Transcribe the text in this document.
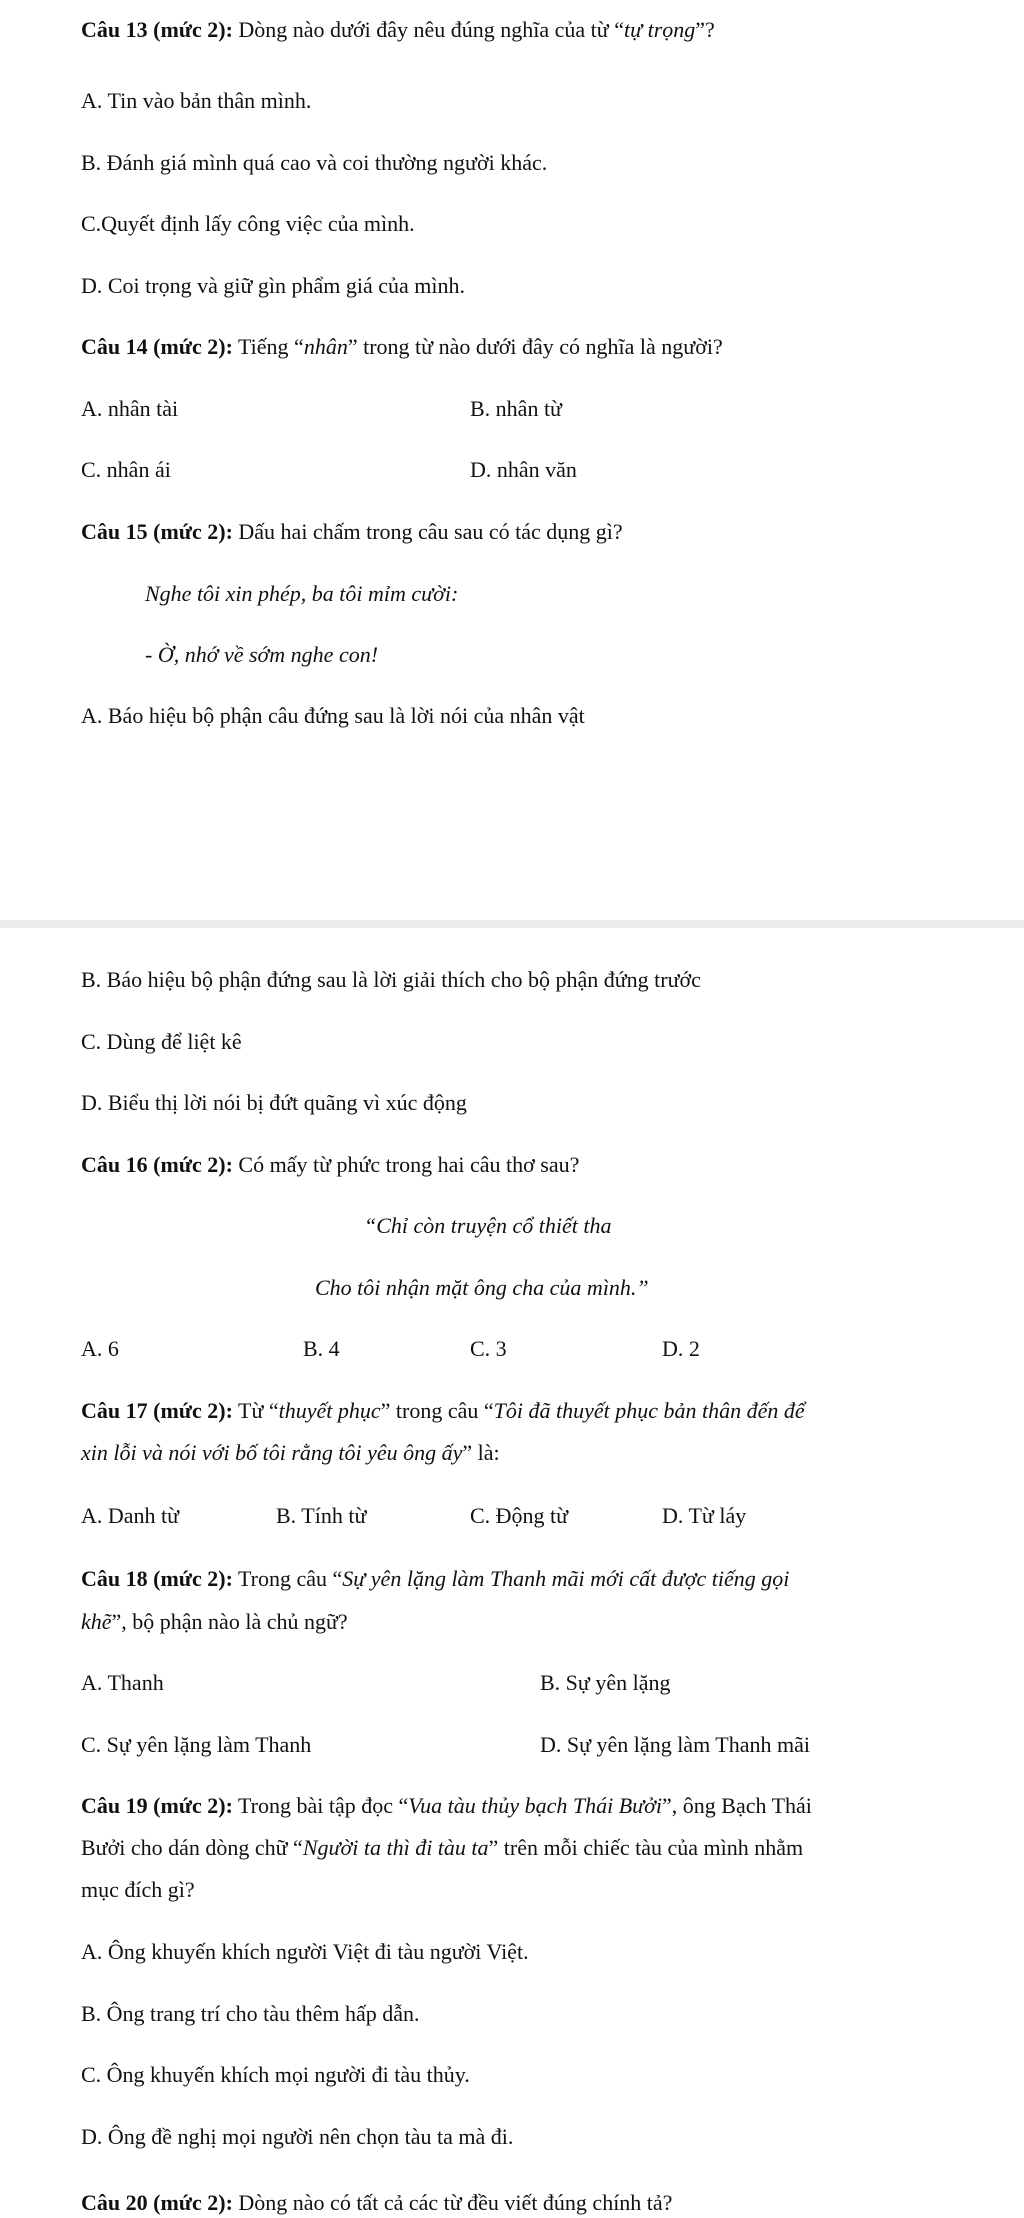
Câu 13 (mức 2): Dòng nào dưới đây nêu đúng nghĩa của từ “tự trọng”?
A. Tin vào bản thân mình.
B. Đánh giá mình quá cao và coi thường người khác.
C.Quyết định lấy công việc của mình.
D. Coi trọng và giữ gìn phẩm giá của mình.
Câu 14 (mức 2): Tiếng “nhân” trong từ nào dưới đây có nghĩa là người?
A. nhân tài	B. nhân từ
C. nhân ái	D. nhân văn
Câu 15 (mức 2): Dấu hai chấm trong câu sau có tác dụng gì?
Nghe tôi xin phép, ba tôi mỉm cười:
- Ờ, nhớ về sớm nghe con!
A. Báo hiệu bộ phận câu đứng sau là lời nói của nhân vật
B. Báo hiệu bộ phận đứng sau là lời giải thích cho bộ phận đứng trước
C. Dùng để liệt kê
D. Biểu thị lời nói bị đứt quãng vì xúc động
Câu 16 (mức 2): Có mấy từ phức trong hai câu thơ sau?
“Chỉ còn truyện cổ thiết tha
Cho tôi nhận mặt ông cha của mình.”
A. 6	B. 4	C. 3	D. 2
Câu 17 (mức 2): Từ “thuyết phục” trong câu “Tôi đã thuyết phục bản thân đến để
xin lỗi và nói với bố tôi rằng tôi yêu ông ấy” là:
A. Danh từ	B. Tính từ	C. Động từ	D. Từ láy
Câu 18 (mức 2): Trong câu “Sự yên lặng làm Thanh mãi mới cất được tiếng gọi
khẽ”, bộ phận nào là chủ ngữ?
A. Thanh	B. Sự yên lặng
C. Sự yên lặng làm Thanh	D. Sự yên lặng làm Thanh mãi
Câu 19 (mức 2): Trong bài tập đọc “Vua tàu thủy bạch Thái Bưởi”, ông Bạch Thái
Bưởi cho dán dòng chữ “Người ta thì đi tàu ta” trên mỗi chiếc tàu của mình nhằm
mục đích gì?
A. Ông khuyến khích người Việt đi tàu người Việt.
B. Ông trang trí cho tàu thêm hấp dẫn.
C. Ông khuyến khích mọi người đi tàu thủy.
D. Ông đề nghị mọi người nên chọn tàu ta mà đi.
Câu 20 (mức 2): Dòng nào có tất cả các từ đều viết đúng chính tả?
